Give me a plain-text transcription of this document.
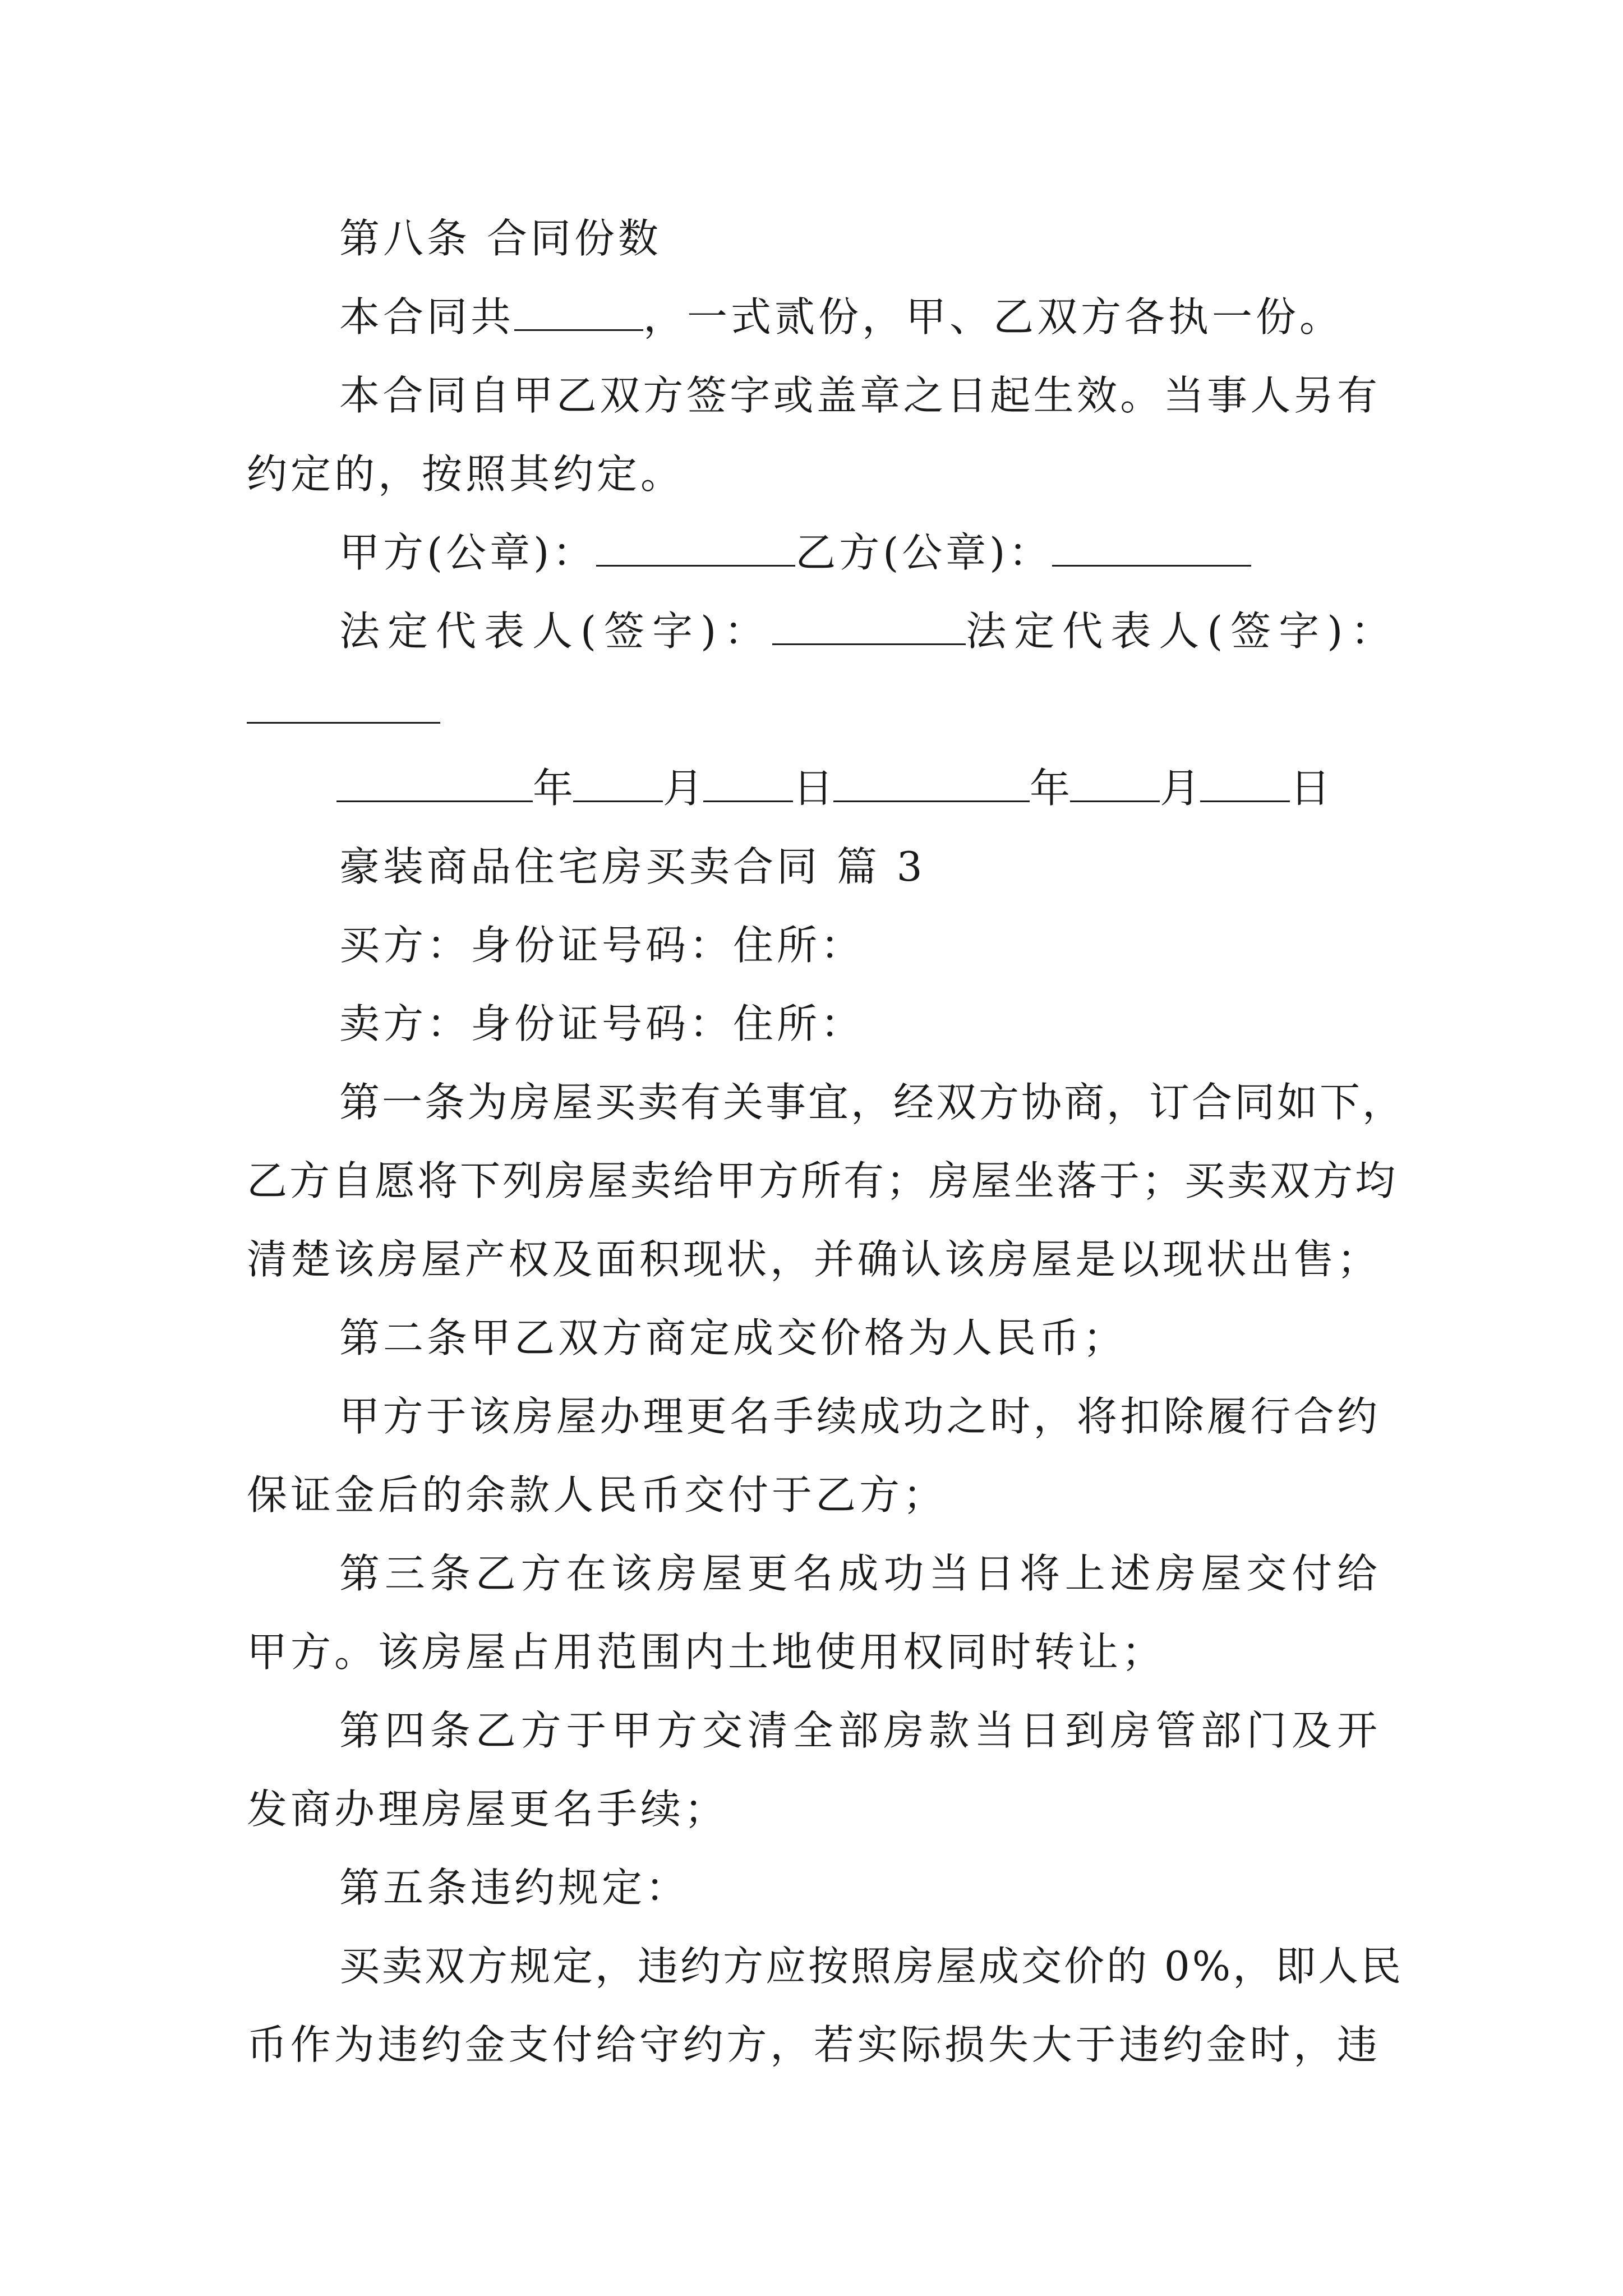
第八条 合同份数
本合同共	，一式贰份，甲、乙双方各执一份。
本合同自甲乙双方签字或盖章之日起生效。当事人另有
约定的，按照其约定。
甲方(公章)：	乙方(公章)：
法定代表人(签字)：	法定代表人(签字)：
年 月 日	年 月 日
豪装商品住宅房买卖合同 篇 3
买方：身份证号码：住所：
卖方：身份证号码：住所：
第一条为房屋买卖有关事宜，经双方协商，订合同如下，
乙方自愿将下列房屋卖给甲方所有；房屋坐落于；买卖双方均
清楚该房屋产权及面积现状，并确认该房屋是以现状出售；
第二条甲乙双方商定成交价格为人民币；
甲方于该房屋办理更名手续成功之时，将扣除履行合约
保证金后的余款人民币交付于乙方；
第三条乙方在该房屋更名成功当日将上述房屋交付给
甲方。该房屋占用范围内土地使用权同时转让；
第四条乙方于甲方交清全部房款当日到房管部门及开
发商办理房屋更名手续；
第五条违约规定：
买卖双方规定，违约方应按照房屋成交价的 0%，即人民
币作为违约金支付给守约方，若实际损失大于违约金时，违
